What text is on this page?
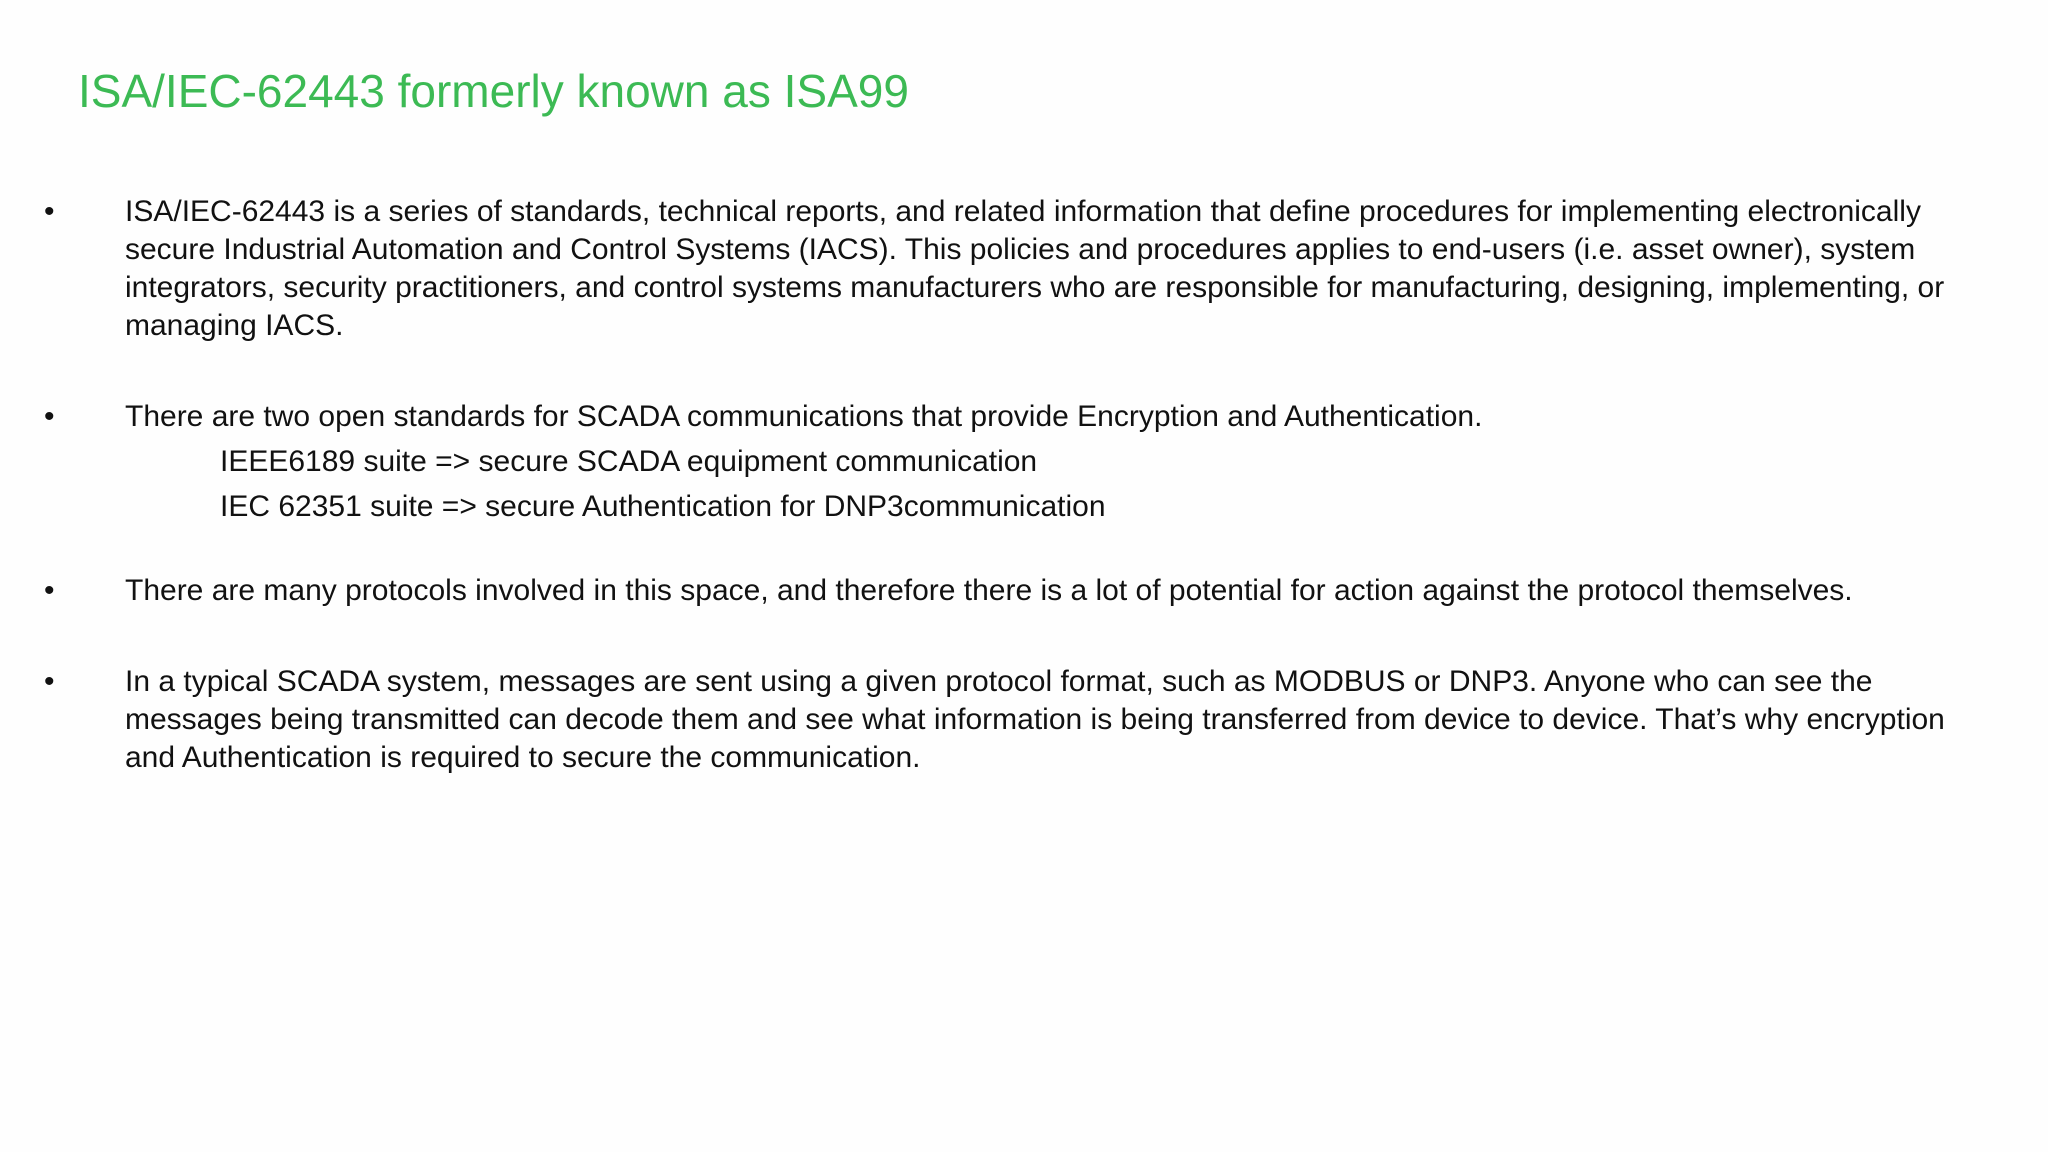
ISA/IEC-62443 formerly known as ISA99
• ISA/IEC-62443 is a series of standards, technical reports, and related information that define procedures for implementing electronically secure Industrial Automation and Control Systems (IACS). This policies and procedures applies to end-users (i.e. asset owner), system integrators, security practitioners, and control systems manufacturers who are responsible for manufacturing, designing, implementing, or managing IACS.
• There are two open standards for SCADA communications that provide Encryption and Authentication.
IEEE6189 suite => secure SCADA equipment communication
IEC 62351 suite => secure Authentication for DNP3communication
• There are many protocols involved in this space, and therefore there is a lot of potential for action against the protocol themselves.
• In a typical SCADA system, messages are sent using a given protocol format, such as MODBUS or DNP3. Anyone who can see the messages being transmitted can decode them and see what information is being transferred from device to device. That’s why encryption and Authentication is required to secure the communication.
